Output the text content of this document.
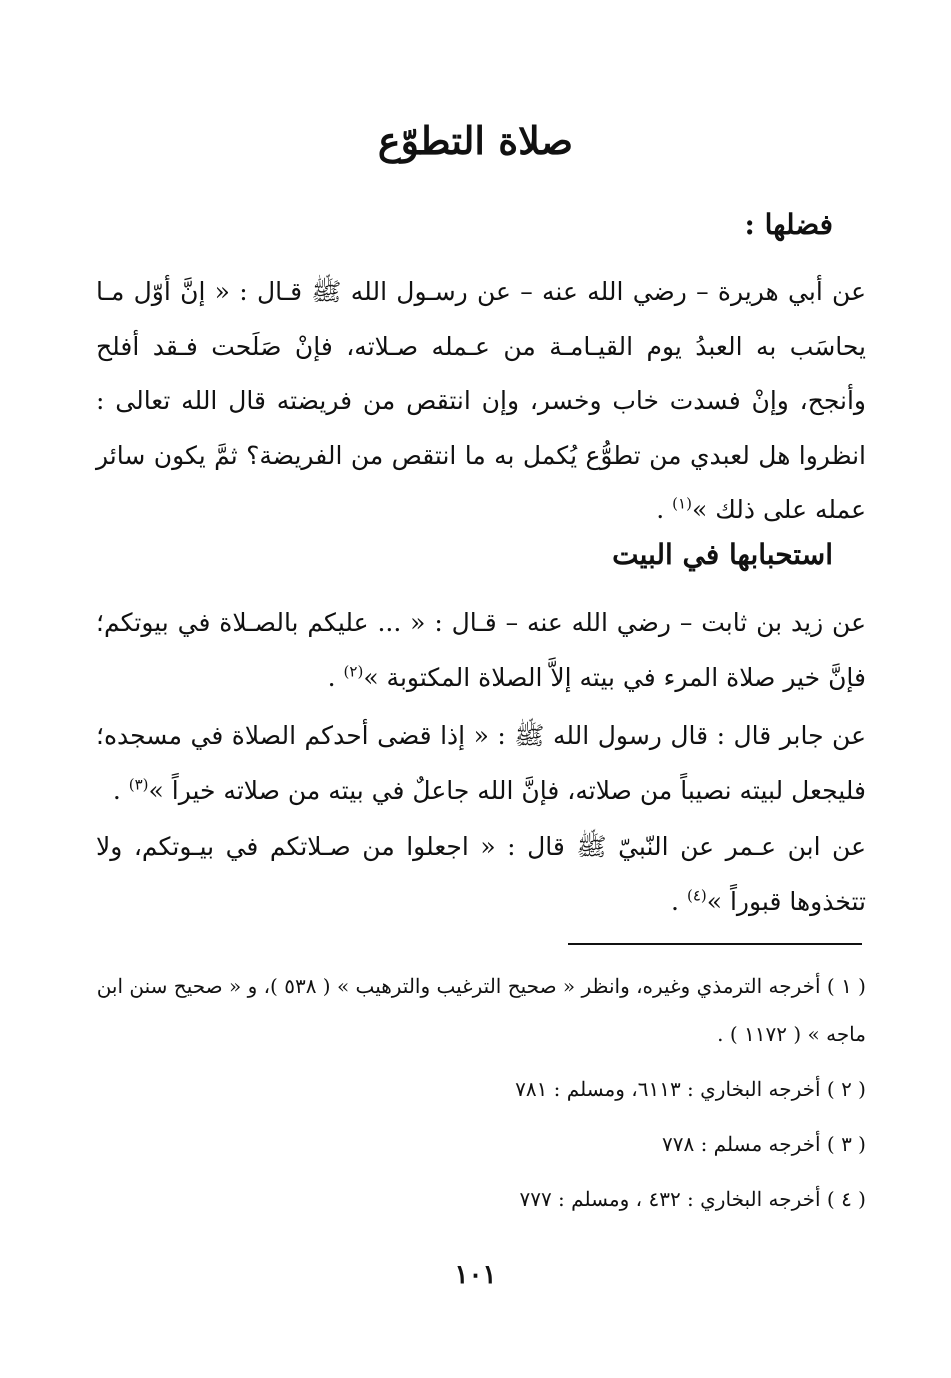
صلاة التطوّع
فضلها :

عن أبي هريرة – رضي الله عنه – عن رسـول الله ﷺ قـال : « إنَّ أوّل مـا يحاسَب به العبدُ يوم القيـامـة من عـمله صـلاته، فإنْ صَلَحت فـقد أفلح وأنجح، وإنْ فسدت خاب وخسر، وإن انتقص من فريضته قال الله تعالى : انظروا هل لعبدي من تطوُّع يُكمل به ما انتقص من الفريضة؟ ثمَّ يكون سائر عمله على ذلك »$^{(١)}$ .

استحبابها في البيت

عن زيد بن ثابت – رضي الله عنه – قـال : « ... عليكم بالصـلاة في بيوتكم؛ فإنَّ خير صلاة المرء في بيته إلاَّ الصلاة المكتوبة »$^{(٢)}$ .

عن جابر قال : قال رسول الله ﷺ : « إذا قضى أحدكم الصلاة في مسجده؛ فليجعل لبيته نصيباً من صلاته، فإنَّ الله جاعلٌ في بيته من صلاته خيراً »$^{(٣)}$ .

عن ابن عـمر عن النّبيّ ﷺ قال : « اجعلوا من صـلاتكم في بيـوتكم، ولا تتخذوها قبوراً »$^{(٤)}$ .

( ١ ) أخرجه الترمذي وغيره، وانظر « صحيح الترغيب والترهيب » ( ٥٣٨ )، و « صحيح سنن ابن ماجه » ( ١١٧٢ ) .
( ٢ ) أخرجه البخاري : ٦١١٣، ومسلم : ٧٨١
( ٣ ) أخرجه مسلم : ٧٧٨
( ٤ ) أخرجه البخاري : ٤٣٢ ، ومسلم : ٧٧٧
١٠١
